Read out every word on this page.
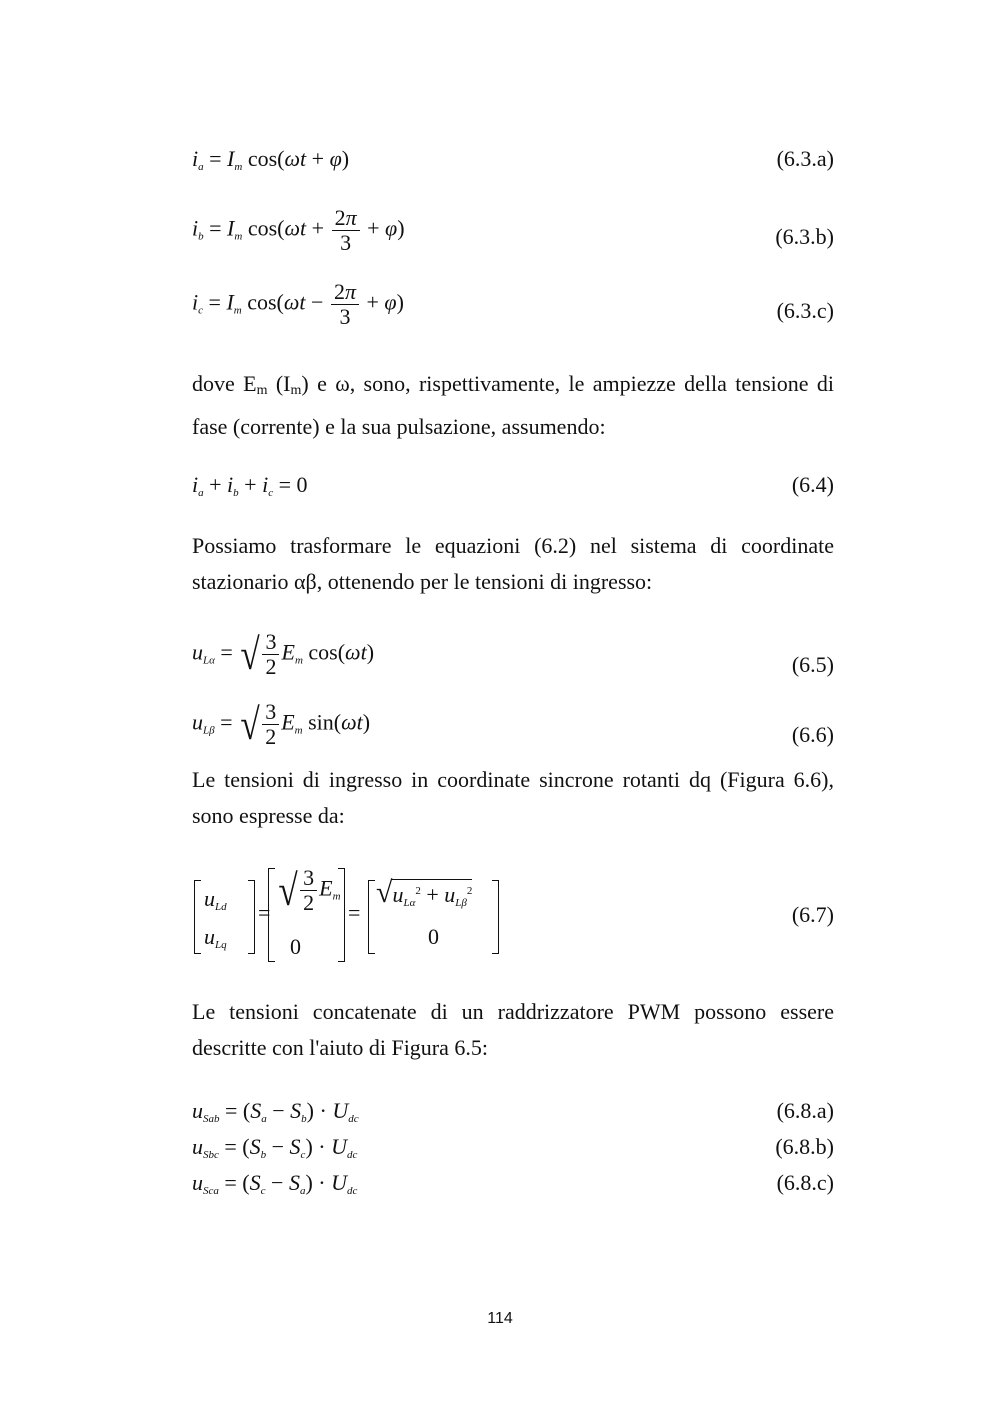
$i_a = I_m$ cos(ωt + φ)	(6.3.a)
$i_b = I_m$ $\cos(\omega t + \frac{2\pi}{3} + \varphi)$	(6.3.b)
$i_c = I_m$ $\cos(\omega t - \frac{2\pi}{3} + \varphi)$	(6.3.c)
dove $E_m$ $(I_m)$ e ω, sono, rispettivamente, le ampiezze della tensione di fase (corrente) e la sua pulsazione, assumendo:
$i_a + i_b + i_c = 0$	(6.4)
Possiamo trasformare le equazioni (6.2) nel sistema di coordinate stazionario αβ, ottenendo per le tensioni di ingresso:
$u_{L\alpha}$ = √ $\frac{3}{2} E_m$ cos(ωt)	(6.5)
$u_{L\beta}$ = √ $\frac{3}{2} E_m$ sin(ωt)	(6.6)
Le tensioni di ingresso in coordinate sincrone rotanti dq (Figura 6.6), sono espresse da:
$u_{Ld}$
$u_{Lq}$
= √ $\frac{3}{2} E_m$
0
=
$√u_{L\alpha}^2 + u_{L\beta}^2$
0
(6.7)
Le tensioni concatenate di un raddrizzatore PWM possono essere descritte con l'aiuto di Figura 6.5:
$u_{Sab} = (S_a - S_b) \cdot U_{dc}$	(6.8.a)
$u_{Sbc} = (S_b - S_c) \cdot U_{dc}$	(6.8.b)
$u_{Sca} = (S_c - S_a) \cdot U_{dc}$	(6.8.c)
114
